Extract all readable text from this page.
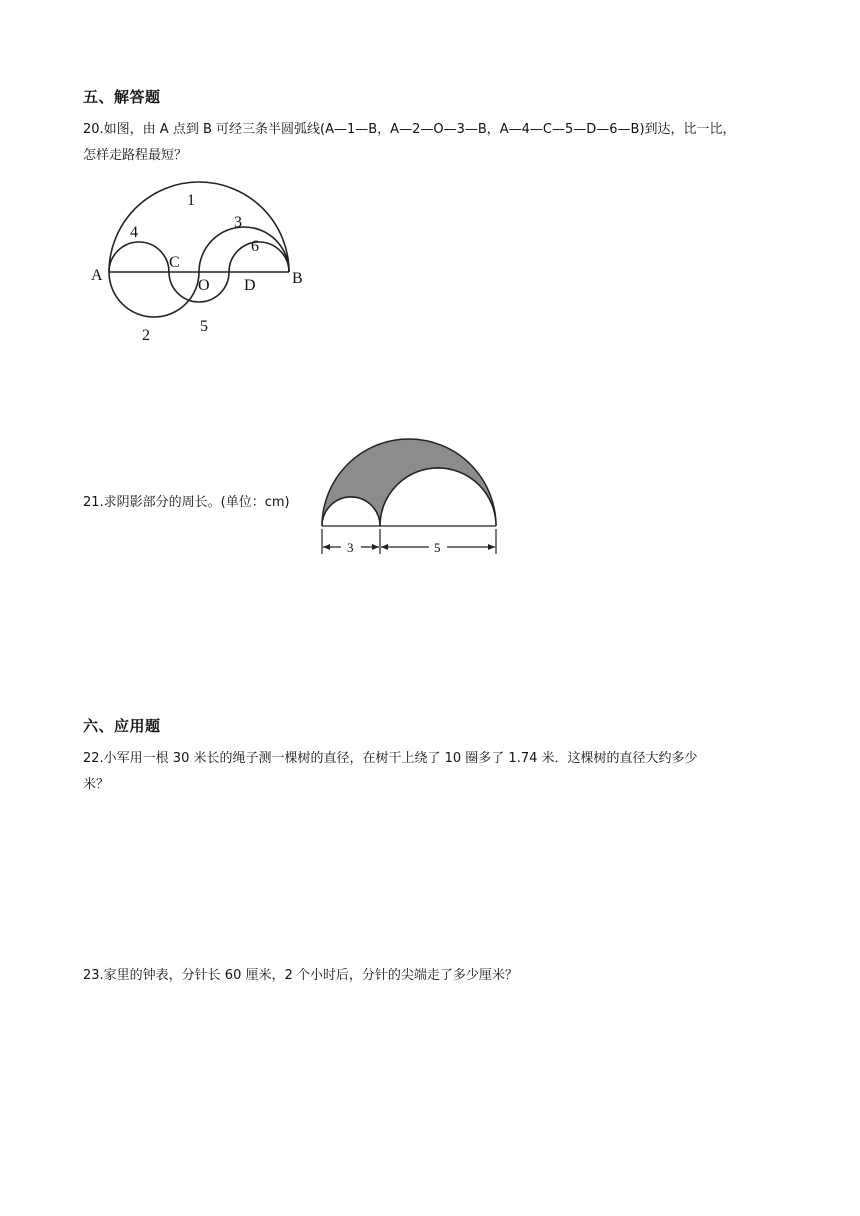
五、解答题
20.如图，由 A 点到 B 可经三条半圆弧线(A—1—B，A—2—O—3—B，A—4—C—5—D—6—B)到达，比一比，
怎样走路程最短？
A
C
O D B
1
2
3
4
5
6
21.求阴影部分的周长。(单位：cm)
3	5
六、应用题
22.小军用一根 30 米长的绳子测一棵树的直径，在树干上绕了 10 圈多了 1.74 米．这棵树的直径大约多少
米？
23.家里的钟表，分针长 60 厘米，2 个小时后，分针的尖端走了多少厘米？
